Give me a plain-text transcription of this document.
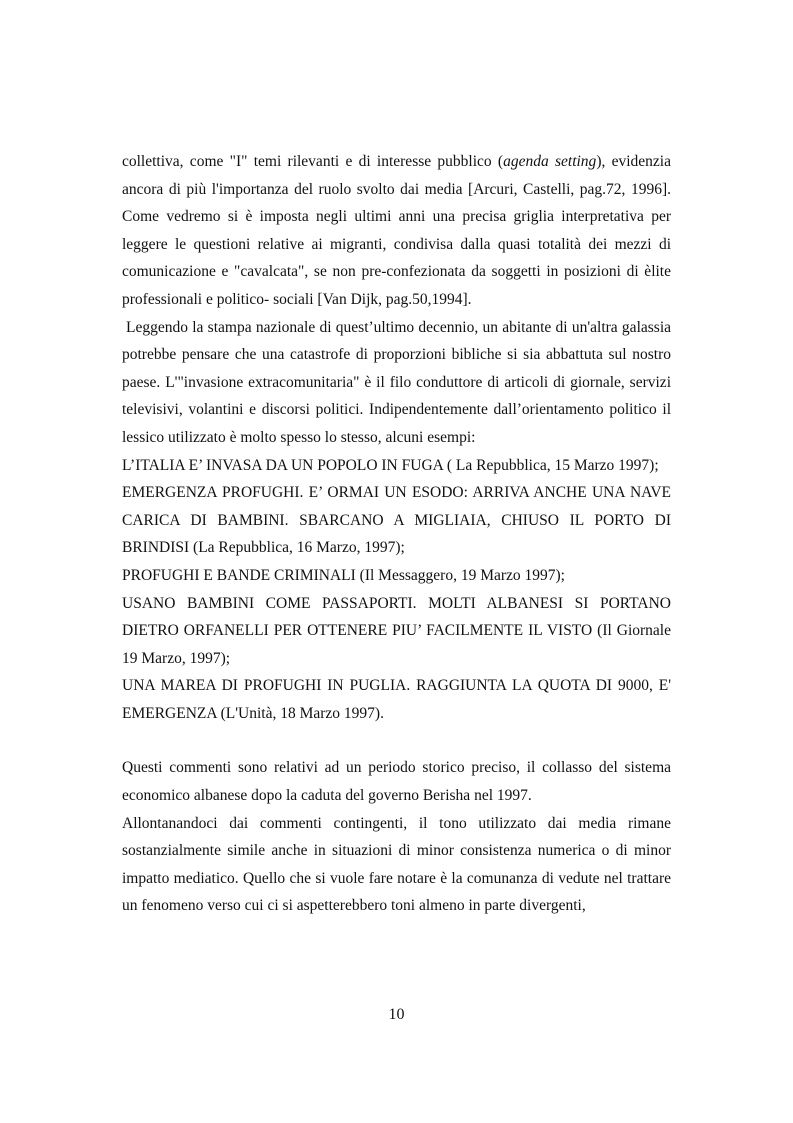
collettiva, come "I" temi rilevanti e di interesse pubblico (agenda setting), evidenzia ancora di più l'importanza del ruolo svolto dai media [Arcuri, Castelli, pag.72, 1996]. Come vedremo si è imposta negli ultimi anni una precisa griglia interpretativa per leggere le questioni relative ai migranti, condivisa dalla quasi totalità dei mezzi di comunicazione e "cavalcata", se non pre-confezionata da soggetti in posizioni di èlite professionali e politico- sociali [Van Dijk, pag.50,1994].

Leggendo la stampa nazionale di quest’ultimo decennio, un abitante di un'altra galassia potrebbe pensare che una catastrofe di proporzioni bibliche si sia abbattuta sul nostro paese. L'"invasione extracomunitaria" è il filo conduttore di articoli di giornale, servizi televisivi, volantini e discorsi politici. Indipendentemente dall’orientamento politico il lessico utilizzato è molto spesso lo stesso, alcuni esempi:

L’ITALIA E’ INVASA DA UN POPOLO IN FUGA ( La Repubblica, 15 Marzo 1997);

EMERGENZA PROFUGHI. E’ ORMAI UN ESODO: ARRIVA ANCHE UNA NAVE CARICA DI BAMBINI. SBARCANO A MIGLIAIA, CHIUSO IL PORTO DI BRINDISI (La Repubblica, 16 Marzo, 1997);

PROFUGHI E BANDE CRIMINALI (Il Messaggero, 19 Marzo 1997);

USANO BAMBINI COME PASSAPORTI. MOLTI ALBANESI SI PORTANO DIETRO ORFANELLI PER OTTENERE PIU’ FACILMENTE IL VISTO (Il Giornale 19 Marzo, 1997);

UNA MAREA DI PROFUGHI IN PUGLIA. RAGGIUNTA LA QUOTA DI 9000, E' EMERGENZA (L'Unità, 18 Marzo 1997).

Questi commenti sono relativi ad un periodo storico preciso, il collasso del sistema economico albanese dopo la caduta del governo Berisha nel 1997.

Allontanandoci dai commenti contingenti, il tono utilizzato dai media rimane sostanzialmente simile anche in situazioni di minor consistenza numerica o di minor impatto mediatico. Quello che si vuole fare notare è la comunanza di vedute nel trattare un fenomeno verso cui ci si aspetterebbero toni almeno in parte divergenti,

10
